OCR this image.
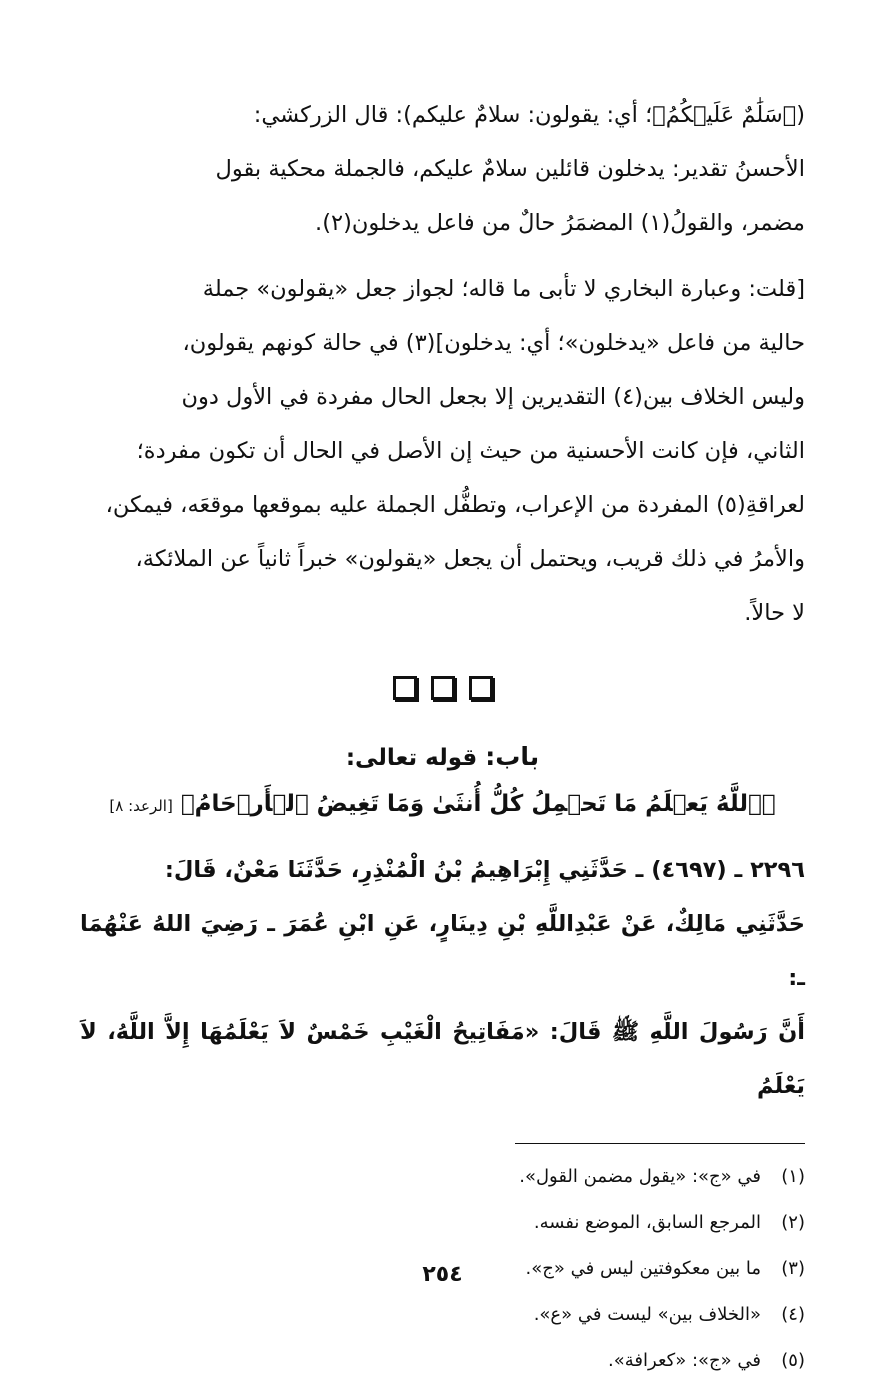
(﴿سَلَٰمٌ عَلَيۡكُمُ﴾؛ أي: يقولون: سلامٌ عليكم): قال الزركشي:

الأحسنُ تقدير: يدخلون قائلين سلامٌ عليكم، فالجملة محكية بقول

مضمر، والقولُ(١) المضمَرُ حالٌ من فاعل يدخلون(٢).

[قلت: وعبارة البخاري لا تأبى ما قاله؛ لجواز جعل «يقولون» جملة

حالية من فاعل «يدخلون»؛ أي: يدخلون](٣) في حالة كونهم يقولون،

وليس الخلاف بين(٤) التقديرين إلا بجعل الحال مفردة في الأول دون

الثاني، فإن كانت الأحسنية من حيث إن الأصل في الحال أن تكون مفردة؛

لعراقةِ(٥) المفردة من الإعراب، وتطفُّل الجملة عليه بموقعها موقعَه، فيمكن،

والأمرُ في ذلك قريب، ويحتمل أن يجعل «يقولون» خبراً ثانياً عن الملائكة،

لا حالاً.

باب: قوله تعالى:
﴿ٱللَّهُ يَعۡلَمُ مَا تَحۡمِلُ كُلُّ أُنثَىٰ وَمَا تَغِيضُ ٱلۡأَرۡحَامُ﴾ [الرعد: ٨]

٢٢٩٦ ـ (٤٦٩٧) ـ حَدَّثَنِي إِبْرَاهِيمُ بْنُ الْمُنْذِرِ، حَدَّثَنَا مَعْنٌ، قَالَ:

حَدَّثَنِي مَالِكٌ، عَنْ عَبْدِاللَّهِ بْنِ دِينَارٍ، عَنِ ابْنِ عُمَرَ ـ رَضِيَ اللهُ عَنْهُمَا ـ:

أَنَّ رَسُولَ اللَّهِ ﷺ قَالَ: «مَفَاتِيحُ الْغَيْبِ خَمْسٌ لاَ يَعْلَمُهَا إِلاَّ اللَّهُ، لاَ يَعْلَمُ

(١)
في «ج»: «يقول مضمن القول».
(٢)
المرجع السابق، الموضع نفسه.
(٣)
ما بين معكوفتين ليس في «ج».
(٤)
«الخلاف بين» ليست في «ع».
(٥)
في «ج»: «كعرافة».
٢٥٤
